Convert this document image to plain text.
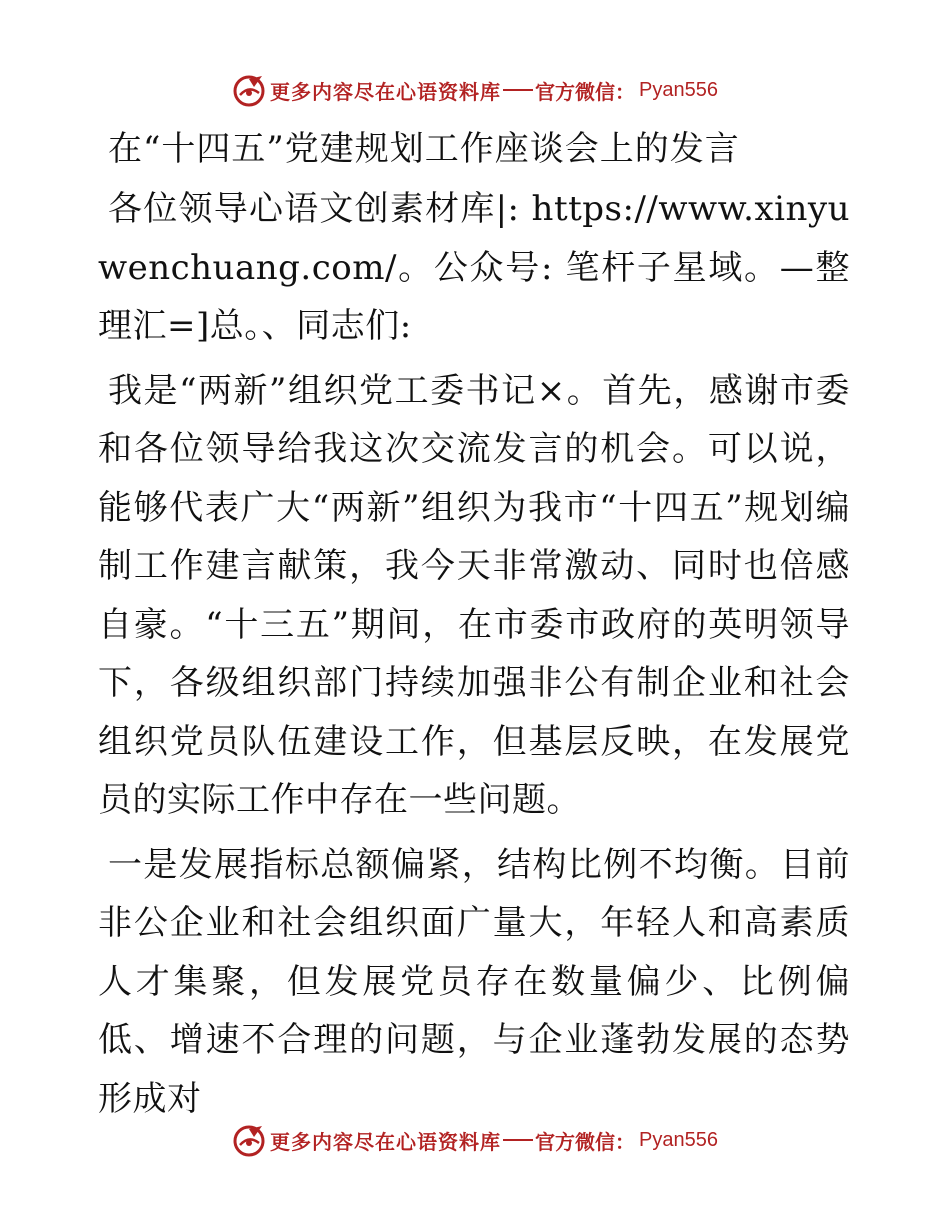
更多内容尽在心语资料库 官方微信： Pyan556
在“十四五”党建规划工作座谈会上的发言

各位领导心语文创素材库|: https://www.xinyuwenchuang.com/。公众号: 笔杆子星域。—整理汇=]总。、同志们:

我是“两新”组织党工委书记×。首先，感谢市委和各位领导给我这次交流发言的机会。可以说，能够代表广大“两新”组织为我市“十四五”规划编制工作建言献策，我今天非常激动、同时也倍感自豪。“十三五”期间，在市委市政府的英明领导下，各级组织部门持续加强非公有制企业和社会组织党员队伍建设工作，但基层反映，在发展党员的实际工作中存在一些问题。

一是发展指标总额偏紧，结构比例不均衡。目前非公企业和社会组织面广量大，年轻人和高素质人才集聚，但发展党员存在数量偏少、比例偏低、增速不合理的问题，与企业蓬勃发展的态势形成对

更多内容尽在心语资料库 官方微信： Pyan556
